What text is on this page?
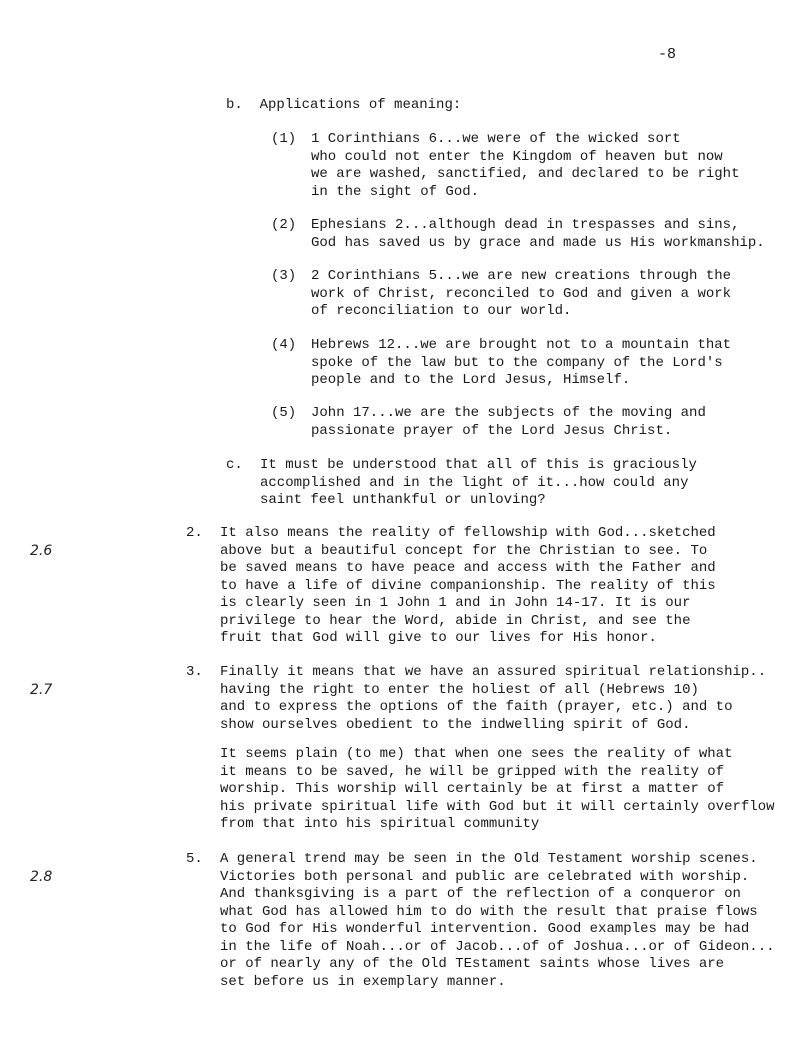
-8
b. Applications of meaning:
(1) 1 Corinthians 6...we were of the wicked sort
who could not enter the Kingdom of heaven but now
we are washed, sanctified, and declared to be right
in the sight of God.
(2) Ephesians 2...although dead in trespasses and sins,
God has saved us by grace and made us His workmanship.
(3) 2 Corinthians 5...we are new creations through the
work of Christ, reconciled to God and given a work
of reconciliation to our world.
(4) Hebrews 12...we are brought not to a mountain that
spoke of the law but to the company of the Lord's
people and to the Lord Jesus, Himself.
(5) John 17...we are the subjects of the moving and
passionate prayer of the Lord Jesus Christ.
c. It must be understood that all of this is graciously
accomplished and in the light of it...how could any
saint feel unthankful or unloving?
2.6
2. It also means the reality of fellowship with God...sketched
above but a beautiful concept for the Christian to see. To
be saved means to have peace and access with the Father and
to have a life of divine companionship. The reality of this
is clearly seen in 1 John 1 and in John 14-17. It is our
privilege to hear the Word, abide in Christ, and see the
fruit that God will give to our lives for His honor.
2.7
3. Finally it means that we have an assured spiritual relationship..
having the right to enter the holiest of all (Hebrews 10)
and to express the options of the faith (prayer, etc.) and to
show ourselves obedient to the indwelling spirit of God.
It seems plain (to me) that when one sees the reality of what
it means to be saved, he will be gripped with the reality of
worship. This worship will certainly be at first a matter of
his private spiritual life with God but it will certainly overflow
from that into his spiritual community
2.8
5. A general trend may be seen in the Old Testament worship scenes.
Victories both personal and public are celebrated with worship.
And thanksgiving is a part of the reflection of a conqueror on
what God has allowed him to do with the result that praise flows
to God for His wonderful intervention. Good examples may be had
in the life of Noah...or of Jacob...of of Joshua...or of Gideon...
or of nearly any of the Old TEstament saints whose lives are
set before us in exemplary manner.
